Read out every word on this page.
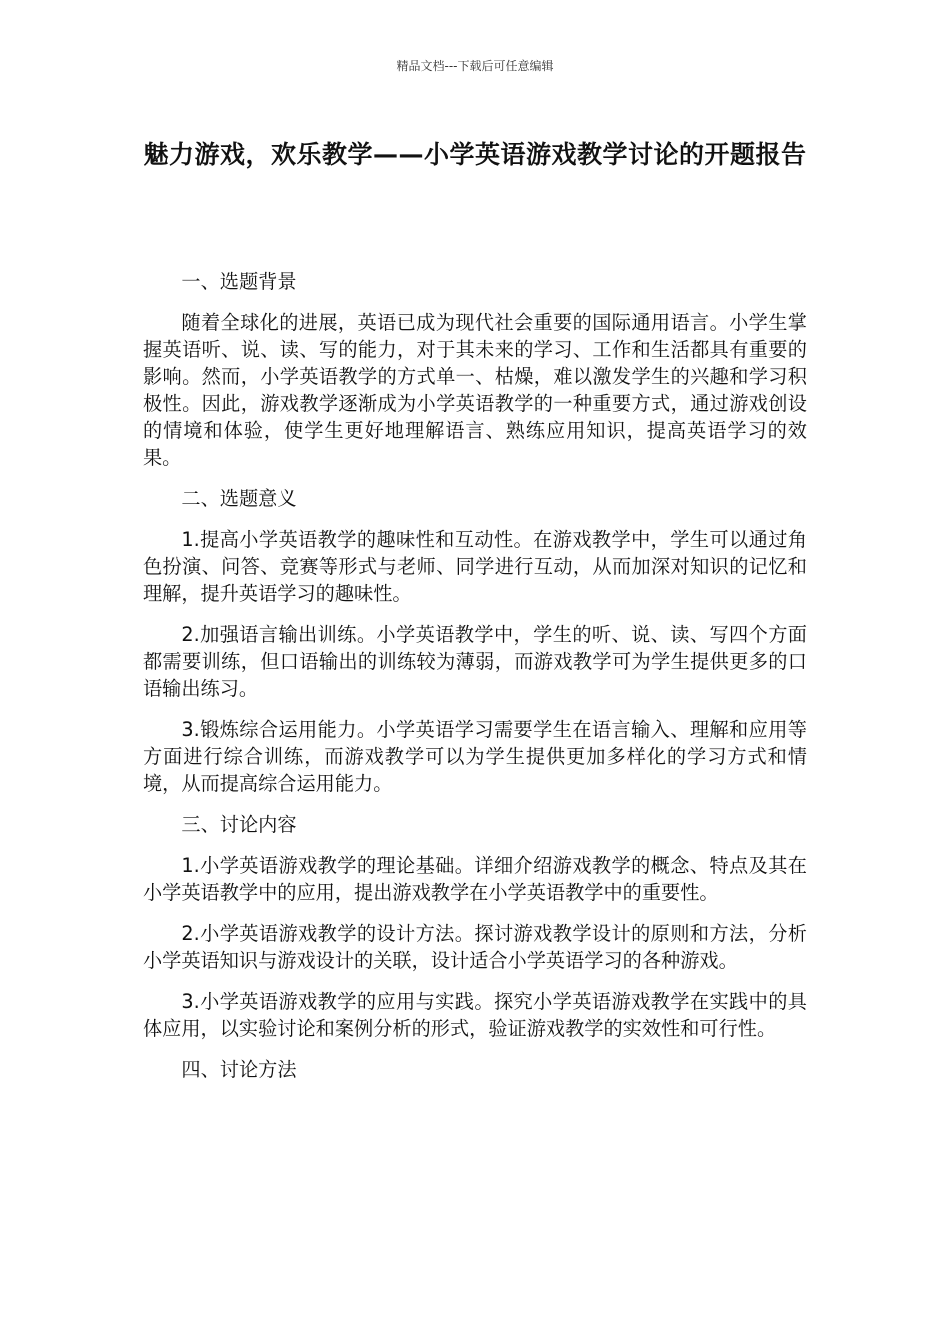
精品文档---下载后可任意编辑
魅力游戏，欢乐教学——小学英语游戏教学讨论的开题报告

一、选题背景

随着全球化的进展，英语已成为现代社会重要的国际通用语言。小学生掌握英语听、说、读、写的能力，对于其未来的学习、工作和生活都具有重要的影响。然而，小学英语教学的方式单一、枯燥，难以激发学生的兴趣和学习积极性。因此，游戏教学逐渐成为小学英语教学的一种重要方式，通过游戏创设的情境和体验，使学生更好地理解语言、熟练应用知识，提高英语学习的效果。

二、选题意义

1.提高小学英语教学的趣味性和互动性。在游戏教学中，学生可以通过角色扮演、问答、竞赛等形式与老师、同学进行互动，从而加深对知识的记忆和理解，提升英语学习的趣味性。

2.加强语言输出训练。小学英语教学中，学生的听、说、读、写四个方面都需要训练，但口语输出的训练较为薄弱，而游戏教学可为学生提供更多的口语输出练习。

3.锻炼综合运用能力。小学英语学习需要学生在语言输入、理解和应用等方面进行综合训练，而游戏教学可以为学生提供更加多样化的学习方式和情境，从而提高综合运用能力。

三、讨论内容

1.小学英语游戏教学的理论基础。详细介绍游戏教学的概念、特点及其在小学英语教学中的应用，提出游戏教学在小学英语教学中的重要性。

2.小学英语游戏教学的设计方法。探讨游戏教学设计的原则和方法，分析小学英语知识与游戏设计的关联，设计适合小学英语学习的各种游戏。

3.小学英语游戏教学的应用与实践。探究小学英语游戏教学在实践中的具体应用，以实验讨论和案例分析的形式，验证游戏教学的实效性和可行性。

四、讨论方法
